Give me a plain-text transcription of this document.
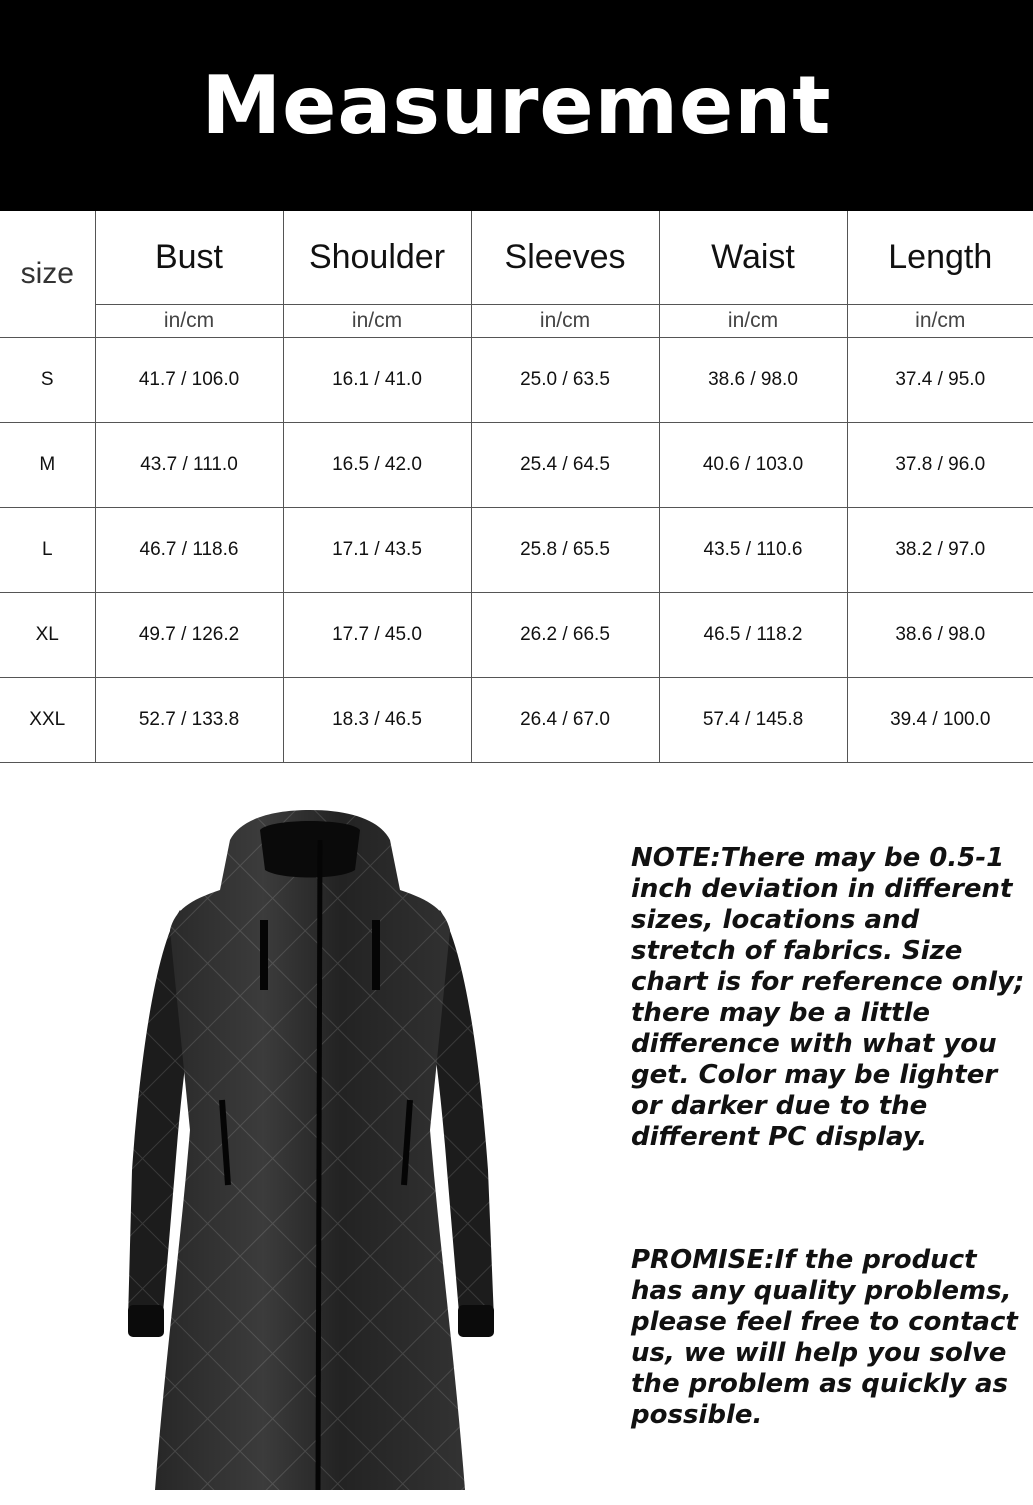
Measurement
size	Bust	Shoulder	Sleeves	Waist	Length
	in/cm	in/cm	in/cm	in/cm	in/cm
S	41.7 / 106.0	16.1 / 41.0	25.0 / 63.5	38.6 / 98.0	37.4 / 95.0
M	43.7 / 111.0	16.5 / 42.0	25.4 / 64.5	40.6 / 103.0	37.8 / 96.0
L	46.7 / 118.6	17.1 / 43.5	25.8 / 65.5	43.5 / 110.6	38.2 / 97.0
XL	49.7 / 126.2	17.7 / 45.0	26.2 / 66.5	46.5 / 118.2	38.6 / 98.0
XXL	52.7 / 133.8	18.3 / 46.5	26.4 / 67.0	57.4 / 145.8	39.4 / 100.0

NOTE:There may be 0.5-1 inch deviation in different sizes, locations and stretch of fabrics. Size chart is for reference only; there may be a little difference with what you get. Color may be lighter or darker due to the different PC display.

PROMISE:If the product has any quality problems, please feel free to contact us, we will help you solve the problem as quickly as possible.
